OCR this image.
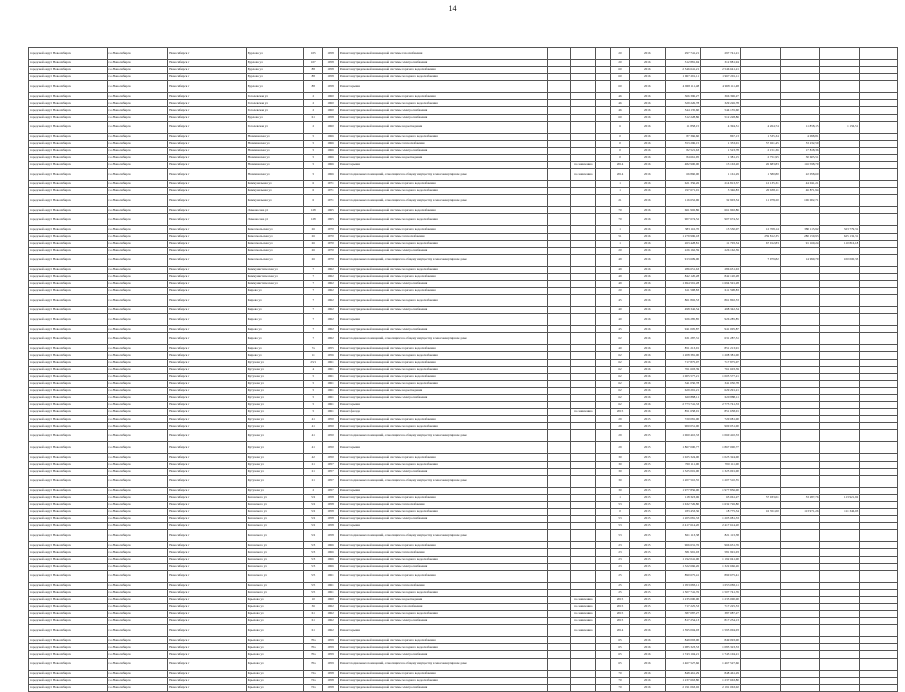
14
городской округ Новосибирск	г.о.Новосибирск	Новосибирск г	Бурлова ул	105	1958	Ремонт внутридомовой инженерной системы газоснабжения				20	2016	297 741,21	297 741,21				
городской округ Новосибирск	г.о.Новосибирск	Новосибирск г	Бурлова ул	107	1958	Ремонт внутридомовой инженерной системы электроснабжения				20	2016	312 881,94	312 881,94				
городской округ Новосибирск	г.о.Новосибирск	Новосибирск г	Бурлова ул	88	1958	Ремонт внутридомовой инженерной системы горячего водоснабжения				60	2016	2 546 641,21	2 546 641,21				
городской округ Новосибирск	г.о.Новосибирск	Новосибирск г	Бурлова ул	88	1958	Ремонт внутридомовой инженерной системы холодного водоснабжения				60	2016	1 967 291,11	1 967 291,11				
городской округ Новосибирск	г.о.Новосибирск	Новосибирск г	Бурлова ул	88	1958	Ремонт крыши				60	2016	4 968 111,48	4 968 111,48				
городской округ Новосибирск	г.о.Новосибирск	Новосибирск г	Гоголевская ул	2	1960	Ремонт внутридомовой инженерной системы горячего водоснабжения				46	2016	366 396,27	366 396,27				
городской округ Новосибирск	г.о.Новосибирск	Новосибирск г	Гоголевская ул	2	1960	Ремонт внутридомовой инженерной системы холодного водоснабжения				46	2016	329 226,78	329 226,78				
городской округ Новосибирск	г.о.Новосибирск	Новосибирск г	Гоголевская ул	2	1960	Ремонт внутридомовой инженерной системы электроснабжения				46	2016	544 135,60	544 135,60				
городской округ Новосибирск	г.о.Новосибирск	Новосибирск г	Бурлова ул	61	1958	Ремонт внутридомовой инженерной системы электроснабжения				60	2016	512 228,86	512 228,86				
городской округ Новосибирск	г.о.Новосибирск	Новосибирск г	Гоголевская ул	2	1960	Ремонт внутридомовой инженерной системы водоотведения				6	2016	11 858,15	4 394,51	4 264,74	11 858,15	1 156,51	
городской округ Новосибирск	г.о.Новосибирск	Новосибирск г	Нахимовская ул	5	1966	Ремонт внутридомовой инженерной системы холодного водоснабжения				0	2016	87 366,60	867,13	1 535,34	4 098,81		
городской округ Новосибирск	г.о.Новосибирск	Новосибирск г	Нахимовская ул	5	1966	Ремонт внутридомовой инженерной системы теплоснабжения				0	2016	553 296,15	1 353,01	57 021,45	53 232,59		
городской округ Новосибирск	г.о.Новосибирск	Новосибирск г	Нахимовская ул	5	1966	Ремонт внутридомовой инженерной системы электроснабжения				0	2016	82 521,63	1 523,78	2 151,36	17 818,36		
городской округ Новосибирск	г.о.Новосибирск	Новосибирск г	Нахимовская ул	5	1966	Ремонт внутридомовой инженерной системы водоотведения				0	2016	84 661,95	1 381,15	2 751,95	30 605,51		
городской округ Новосибирск	г.о.Новосибирск	Новосибирск г	Нахимовская ул	5	1966	Ремонт крыши		по заявлению		2014	2016	482 900,00	13 163,20	26 683,83	116 598,79		
городской округ Новосибирск	г.о.Новосибирск	Новосибирск г	Нахимовская ул	5	1966	Ремонт подвальных помещений, относящихся к общему имуществу в многоквартирном доме		по заявлению		2014	2016	66 860,00	1 161,29	1 580,80	22 058,60		
городской округ Новосибирск	г.о.Новосибирск	Новосибирск г	Коммунальная ул	6	1971	Ремонт внутридомовой инженерной системы горячего водоснабжения				1	2016	621 356,26	214 813,37	12 135,31	44 041,21		
городской округ Новосибирск	г.о.Новосибирск	Новосибирск г	Коммунальная ул	6	1971	Ремонт внутридомовой инженерной системы холодного водоснабжения				1	2016	197 671,01	3 346,83	20 638,11	46 871,94		
городской округ Новосибирск	г.о.Новосибирск	Новосибирск г	Коммунальная ул	6	1971	Ремонт подвальных помещений, относящихся к общему имуществу в многоквартирном доме				21	2016	116 632,96	32 903,54	11 078,20	106 002,71		
городской округ Новосибирск	г.о.Новосибирск	Новосибирск г	Ломоносова ул	128	1965	Ремонт внутридомовой инженерной системы горячего водоснабжения				70	2016	661 902,86	661 902,86				
городской округ Новосибирск	г.о.Новосибирск	Новосибирск г	Ломоносова ул	128	1965	Ремонт внутридомовой инженерной системы холодного водоснабжения				70	2016	907 674,52	907 674,52				
городской округ Новосибирск	г.о.Новосибирск	Новосибирск г	Комсомольская ул	26	1970	Ремонт внутридомовой инженерной системы горячего водоснабжения				1	2016	383 116,70	15 550,07	12 708,14	380 115,92	323 779,31	
городской округ Новосибирск	г.о.Новосибирск	Новосибирск г	Комсомольская ул	26	1970	Ремонт внутридомовой инженерной системы теплоснабжения				51	2016	1 279 996,18		259 812,35	280 159,93	625 132,31	
городской округ Новосибирск	г.о.Новосибирск	Новосибирск г	Комсомольская ул	26	1970	Ремонт внутридомовой инженерной системы холодного водоснабжения				1	2016	263 428,81	11 703,54	67 012,83	91 160,24	110 816,18	
городской округ Новосибирск	г.о.Новосибирск	Новосибирск г	Комсомольская ул	26	1970	Ремонт внутридомовой инженерной системы электроснабжения				20	2016	226 162,59	226 162,59				
городской округ Новосибирск	г.о.Новосибирск	Новосибирск г	Комсомольская ул	26	1970	Ремонт подвальных помещений, относящихся к общему имуществу в многоквартирном доме				49	2016	913 609,00		7 979,82	14 999,79	100 000,33	
городской округ Новосибирск	г.о.Новосибирск	Новосибирск г	Коммунистическая ул	7	1962	Ремонт внутридомовой инженерной системы холодного водоснабжения				49	2016	286 651,63	286 651,63				
городской округ Новосибирск	г.о.Новосибирск	Новосибирск г	Коммунистическая ул	7	1962	Ремонт внутридомовой инженерной системы горячего водоснабжения				49	2016	842 120,28	842 120,28				
городской округ Новосибирск	г.о.Новосибирск	Новосибирск г	Коммунистическая ул	7	1962	Ремонт внутридомовой инженерной системы электроснабжения				49	2016	1 694 591,28	1 694 591,28				
городской округ Новосибирск	г.о.Новосибирск	Новосибирск г	Кирова ул	7	1962	Ремонт внутридомовой инженерной системы горячего водоснабжения				20	2016	611 598,83	611 598,83				
городской округ Новосибирск	г.о.Новосибирск	Новосибирск г	Кирова ул	7	1962	Ремонт внутридомовой инженерной системы холодного водоснабжения				45	2016	861 802,53	861 802,53				
городской округ Новосибирск	г.о.Новосибирск	Новосибирск г	Кирова ул	7	1962	Ремонт внутридомовой инженерной системы электроснабжения				40	2016	498 342,54	498 342,54				
городской округ Новосибирск	г.о.Новосибирск	Новосибирск г	Кирова ул	7	1962	Ремонт крыши				40	2016	926 285,85	926 285,85				
городской округ Новосибирск	г.о.Новосибирск	Новосибирск г	Кирова ул	7	1962	Ремонт внутридомовой инженерной системы электроснабжения				45	2016	941 005,87	941 005,87				
городской округ Новосибирск	г.о.Новосибирск	Новосибирск г	Кирова ул	7	1962	Ремонт подвальных помещений, относящихся к общему имуществу в многоквартирном доме				62	2016	631 287,31	631 287,31				
городской округ Новосибирск	г.о.Новосибирск	Новосибирск г	Кирова ул	7а	1955	Ремонт внутридомовой инженерной системы горячего водоснабжения				40	2016	851 213,91	851 213,91				
городской округ Новосибирск	г.о.Новосибирск	Новосибирск г	Кирова ул	11	1956	Ремонт внутридомовой инженерной системы холодного водоснабжения				62	2016	1 208 381,00	1 208 381,00				
городской округ Новосибирск	г.о.Новосибирск	Новосибирск г	Кутузова ул	23/1	1961	Ремонт внутридомовой инженерной системы горячего водоснабжения				62	2016	717 875,07	717 875,07				
городской округ Новосибирск	г.о.Новосибирск	Новосибирск г	Кутузова ул	4	1961	Ремонт внутридомовой инженерной системы холодного водоснабжения				62	2016	761 603,39	761 603,39				
городской округ Новосибирск	г.о.Новосибирск	Новосибирск г	Кутузова ул	5	1961	Ремонт внутридомовой инженерной системы горячего водоснабжения				62	2016	1 005 577,21	1 005 577,21				
городской округ Новосибирск	г.о.Новосибирск	Новосибирск г	Кутузова ул	5	1961	Ремонт внутридомовой инженерной системы холодного водоснабжения				62	2016	341 050,78	341 050,78				
городской округ Новосибирск	г.о.Новосибирск	Новосибирск г	Кутузова ул	5	1961	Ремонт внутридомовой инженерной системы водоотведения				62	2016	629 291,21	629 291,21				
городской округ Новосибирск	г.о.Новосибирск	Новосибирск г	Кутузова ул	5	1961	Ремонт внутридомовой инженерной системы электроснабжения				62	2016	620 888,11	620 888,11				
городской округ Новосибирск	г.о.Новосибирск	Новосибирск г	Кутузова ул	5	1961	Ремонт крыши				62	2016	2 773 741,33	2 773 741,33				
городской округ Новосибирск	г.о.Новосибирск	Новосибирск г	Кутузова ул	5	1961	Ремонт фасада		по заявлению		2015	2016	851 658,01	851 658,01				
городской округ Новосибирск	г.о.Новосибирск	Новосибирск г	Кутузова ул	41	1950	Ремонт внутридомовой инженерной системы горячего водоснабжения				29	2015	720 081,00	720 081,00				
городской округ Новосибирск	г.о.Новосибирск	Новосибирск г	Кутузова ул	41	1950	Ремонт внутридомовой инженерной системы холодного водоснабжения				29	2015	900 051,00	900 051,00				
городской округ Новосибирск	г.о.Новосибирск	Новосибирск г	Кутузова ул	41	1950	Ремонт подвальных помещений, относящихся к общему имуществу в многоквартирном доме				29	2015	1 060 410,33	1 060 410,33				
городской округ Новосибирск	г.о.Новосибирск	Новосибирск г	Кутузова ул	41	1950	Ремонт крыши				29	2015	1 867 000,77	1 867 000,77				
городской округ Новосибирск	г.о.Новосибирск	Новосибирск г	Кутузова ул	42	1950	Ремонт внутридомовой инженерной системы горячего водоснабжения				30	2015	1 025 324,00	1 025 324,00				
городской округ Новосибирск	г.о.Новосибирск	Новосибирск г	Кутузова ул	21	1957	Ремонт внутридомовой инженерной системы холодного водоснабжения				30	2015	700 111,00	700 111,00				
городской округ Новосибирск	г.о.Новосибирск	Новосибирск г	Кутузова ул	21	1957	Ремонт внутридомовой инженерной системы электроснабжения				30	2015	1 325 001,00	1 325 001,00				
городской округ Новосибирск	г.о.Новосибирск	Новосибирск г	Кутузова ул	21	1957	Ремонт подвальных помещений, относящихся к общему имуществу в многоквартирном доме				30	2015	1 207 510,55	1 207 510,55				
городской округ Новосибирск	г.о.Новосибирск	Новосибирск г	Кутузова ул	2	1957	Ремонт крыши				30	2015	1 977 856,00	1 977 856,00				
городской округ Новосибирск	г.о.Новосибирск	Новосибирск г	Котовского ул	5/2	1958	Ремонт внутридомовой инженерной системы горячего водоснабжения				1	2015	118 323,06	65 061,27	57 033,01	53 287,76	113 921,92	
городской округ Новосибирск	г.о.Новосибирск	Новосибирск г	Котовского ул	5/2	1958	Ремонт внутридомовой инженерной системы теплоснабжения				53	2015	1 632 726,80	1 632 726,80				
городской округ Новосибирск	г.о.Новосибирск	Новосибирск г	Котовского ул	5/2	1958	Ремонт внутридомовой инженерной системы холодного водоснабжения				0	2015	183 453,36	18 775,34	16 351,00	113 971,26	111 346,03	
городской округ Новосибирск	г.о.Новосибирск	Новосибирск г	Котовского ул	5/2	1958	Ремонт внутридомовой инженерной системы электроснабжения				53	2015	1 205 081,33	1 205 081,33				
городской округ Новосибирск	г.о.Новосибирск	Новосибирск г	Котовского ул	5/2	1958	Ремонт крыши				53	2015	2 417 614,20	2 417 614,20				
городской округ Новосибирск	г.о.Новосибирск	Новосибирск г	Котовского ул	5/2	1958	Ремонт подвальных помещений, относящихся к общему имуществу в многоквартирном доме				53	2015	821 113,38	821 113,38				
городской округ Новосибирск	г.о.Новосибирск	Новосибирск г	Котовского ул	5/3	1966	Ремонт внутридомовой инженерной системы горячего водоснабжения				23	2015	966 631,76	966 631,76				
городской округ Новосибирск	г.о.Новосибирск	Новосибирск г	Котовского ул	5/3	1966	Ремонт внутридомовой инженерной системы теплоснабжения				23	2015	581 991,03	581 991,03				
городской округ Новосибирск	г.о.Новосибирск	Новосибирск г	Котовского ул	5/3	1966	Ремонт внутридомовой инженерной системы холодного водоснабжения				23	2015	1 192 041,00	1 192 041,00				
городской округ Новосибирск	г.о.Новосибирск	Новосибирск г	Котовского ул	5/3	1966	Ремонт внутридомовой инженерной системы электроснабжения				23	2015	1 322 666,26	1 322 666,26				
городской округ Новосибирск	г.о.Новосибирск	Новосибирск г	Котовского ул	5/5	1961	Ремонт внутридомовой инженерной системы горячего водоснабжения				25	2015	890 675,41	890 675,41				
городской округ Новосибирск	г.о.Новосибирск	Новосибирск г	Котовского ул	5/5	1961	Ремонт внутридомовой инженерной системы теплоснабжения				25	2015	1 053 083,11	1 053 083,11				
городской округ Новосибирск	г.о.Новосибирск	Новосибирск г	Котовского ул	5/5	1961	Ремонт внутридомовой инженерной системы холодного водоснабжения				25	2015	1 507 741,76	1 507 741,76				
городской округ Новосибирск	г.о.Новосибирск	Новосибирск г	Крылова ул	10	1960	Ремонт внутридомовой инженерной системы водоотведения		по заявлению		2015	2015	1 235 000,00	1 235 000,00				
городской округ Новосибирск	г.о.Новосибирск	Новосибирск г	Крылова ул	36	1962	Ремонт внутридомовой инженерной системы газоснабжения		по заявлению		2015	2015	717 225,53	717 225,53				
городской округ Новосибирск	г.о.Новосибирск	Новосибирск г	Крылова ул	61	1962	Ремонт внутридомовой инженерной системы холодного водоснабжения		по заявлению		2015	2015	387 087,27	387 087,27				
городской округ Новосибирск	г.о.Новосибирск	Новосибирск г	Крылова ул	61	1962	Ремонт внутридомовой инженерной системы электроснабжения		по заявлению		2015	2015	817 254,13	817 254,13				
городской округ Новосибирск	г.о.Новосибирск	Новосибирск г	Крылова ул	61	1962	Ремонт крыши		по заявлению		2014	2016	1 595 004,03	1 595 004,03				
городской округ Новосибирск	г.о.Новосибирск	Новосибирск г	Крылова ул	70а	1959	Ремонт внутридомовой инженерной системы горячего водоснабжения				65	2016	849 093,00	849 093,00				
городской округ Новосибирск	г.о.Новосибирск	Новосибирск г	Крылова ул	70а	1959	Ремонт внутридомовой инженерной системы холодного водоснабжения				65	2016	1 085 323,53	1 085 323,53				
городской округ Новосибирск	г.о.Новосибирск	Новосибирск г	Крылова ул	70а	1959	Ремонт внутридомовой инженерной системы электроснабжения				65	2016	1 743 104,21	1 743 104,21				
городской округ Новосибирск	г.о.Новосибирск	Новосибирск г	Крылова ул	70а	1959	Ремонт подвальных помещений, относящихся к общему имуществу в многоквартирном доме				65	2016	1 467 527,66	1 467 527,66				
городской округ Новосибирск	г.о.Новосибирск	Новосибирск г	Крылова ул	72а	1958	Ремонт внутридомовой инженерной системы горячего водоснабжения				70	2016	848 461,29	848 461,29				
городской округ Новосибирск	г.о.Новосибирск	Новосибирск г	Крылова ул	72а	1958	Ремонт внутридомовой инженерной системы холодного водоснабжения				70	2016	1 237 663,80	1 237 663,80				
городской округ Новосибирск	г.о.Новосибирск	Новосибирск г	Крылова ул	72а	1958	Ремонт внутридомовой инженерной системы электроснабжения				70	2016	2 191 063,02	2 191 063,02				
